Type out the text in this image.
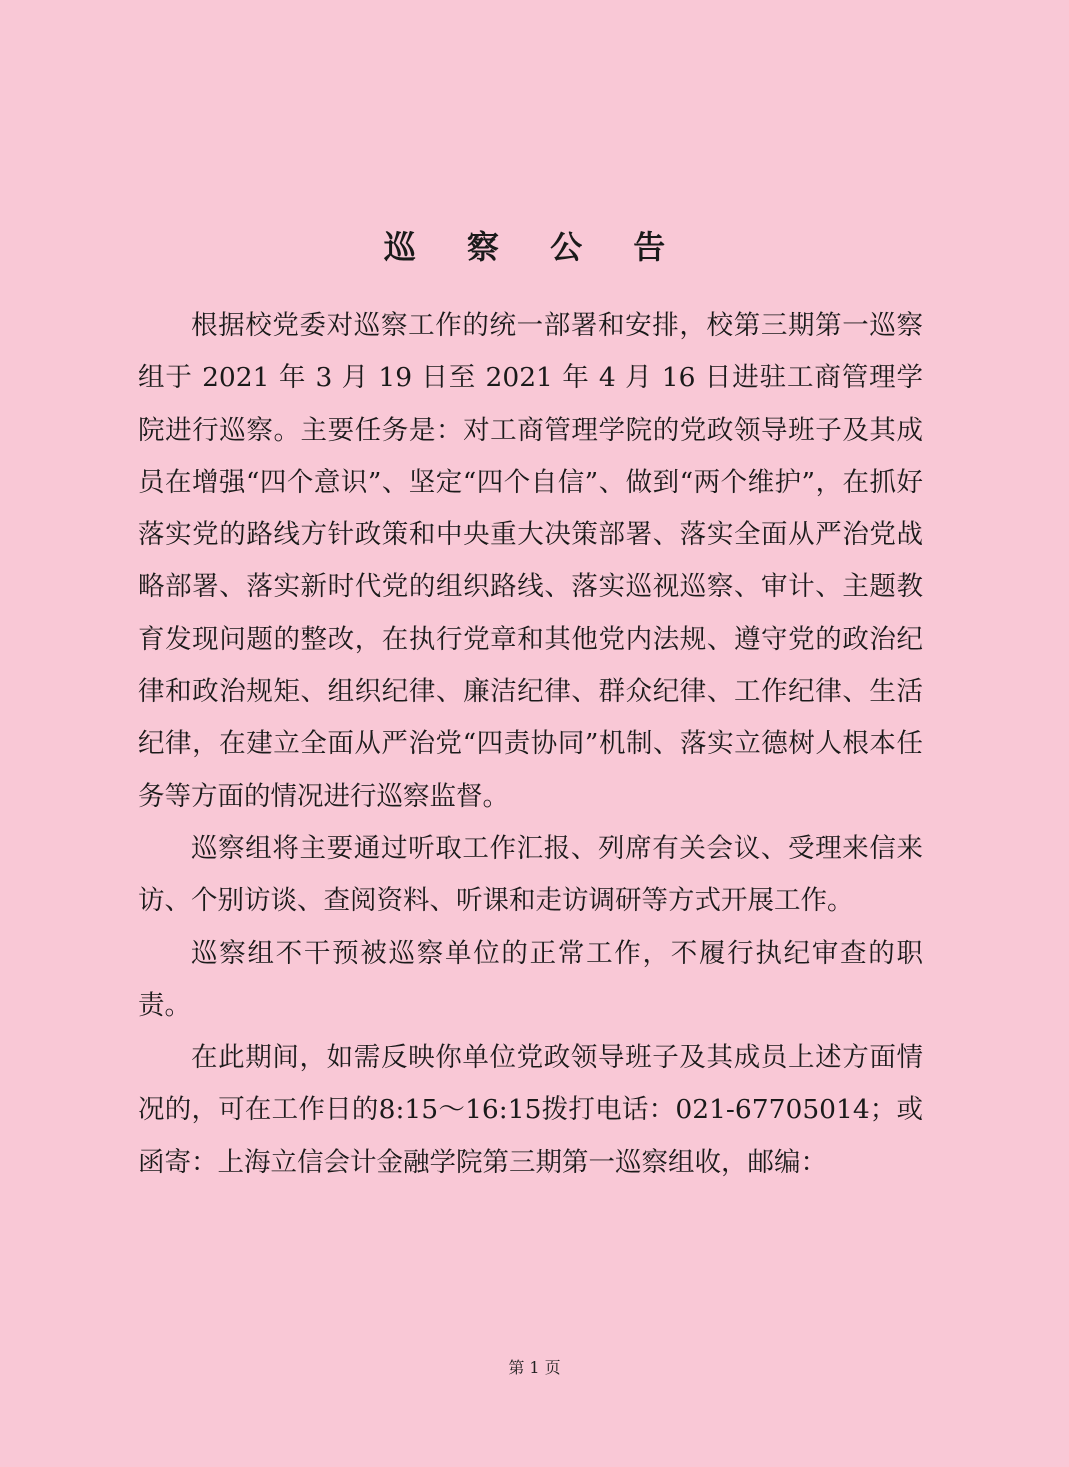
巡 察 公 告

根据校党委对巡察工作的统一部署和安排，校第三期第一巡察组于 2021 年 3 月 19 日至 2021 年 4 月 16 日进驻工商管理学院进行巡察。主要任务是：对工商管理学院的党政领导班子及其成员在增强“四个意识”、坚定“四个自信”、做到“两个维护”，在抓好落实党的路线方针政策和中央重大决策部署、落实全面从严治党战略部署、落实新时代党的组织路线、落实巡视巡察、审计、主题教育发现问题的整改，在执行党章和其他党内法规、遵守党的政治纪律和政治规矩、组织纪律、廉洁纪律、群众纪律、工作纪律、生活纪律，在建立全面从严治党“四责协同”机制、落实立德树人根本任务等方面的情况进行巡察监督。

巡察组将主要通过听取工作汇报、列席有关会议、受理来信来访、个别访谈、查阅资料、听课和走访调研等方式开展工作。

巡察组不干预被巡察单位的正常工作，不履行执纪审查的职责。

在此期间，如需反映你单位党政领导班子及其成员上述方面情况的，可在工作日的8:15～16:15拨打电话：021-67705014；或函寄：上海立信会计金融学院第三期第一巡察组收，邮编：

第 1 页
